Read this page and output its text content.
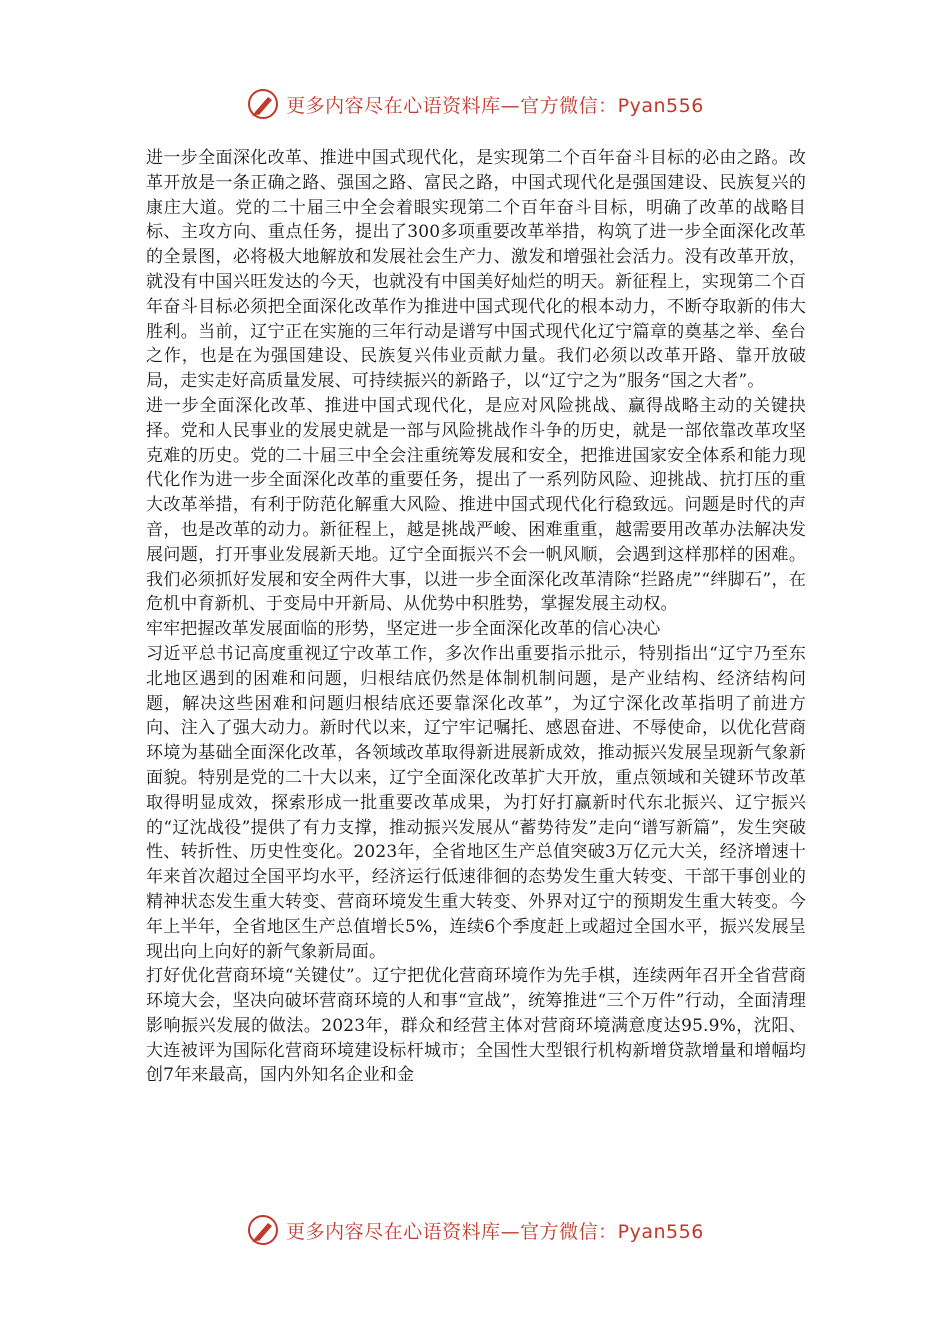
更多内容尽在心语资料库—官方微信：Pyan556

进一步全面深化改革、推进中国式现代化，是实现第二个百年奋斗目标的必由之路。改革开放是一条正确之路、强国之路、富民之路，中国式现代化是强国建设、民族复兴的康庄大道。党的二十届三中全会着眼实现第二个百年奋斗目标，明确了改革的战略目标、主攻方向、重点任务，提出了300多项重要改革举措，构筑了进一步全面深化改革的全景图，必将极大地解放和发展社会生产力、激发和增强社会活力。没有改革开放，就没有中国兴旺发达的今天，也就没有中国美好灿烂的明天。新征程上，实现第二个百年奋斗目标必须把全面深化改革作为推进中国式现代化的根本动力，不断夺取新的伟大胜利。当前，辽宁正在实施的三年行动是谱写中国式现代化辽宁篇章的奠基之举、垒台之作，也是在为强国建设、民族复兴伟业贡献力量。我们必须以改革开路、靠开放破局，走实走好高质量发展、可持续振兴的新路子，以“辽宁之为”服务“国之大者”。

进一步全面深化改革、推进中国式现代化，是应对风险挑战、赢得战略主动的关键抉择。党和人民事业的发展史就是一部与风险挑战作斗争的历史，就是一部依靠改革攻坚克难的历史。党的二十届三中全会注重统筹发展和安全，把推进国家安全体系和能力现代化作为进一步全面深化改革的重要任务，提出了一系列防风险、迎挑战、抗打压的重大改革举措，有利于防范化解重大风险、推进中国式现代化行稳致远。问题是时代的声音，也是改革的动力。新征程上，越是挑战严峻、困难重重，越需要用改革办法解决发展问题，打开事业发展新天地。辽宁全面振兴不会一帆风顺，会遇到这样那样的困难。我们必须抓好发展和安全两件大事，以进一步全面深化改革清除“拦路虎”“绊脚石”，在危机中育新机、于变局中开新局、从优势中积胜势，掌握发展主动权。

牢牢把握改革发展面临的形势，坚定进一步全面深化改革的信心决心

习近平总书记高度重视辽宁改革工作，多次作出重要指示批示，特别指出“辽宁乃至东北地区遇到的困难和问题，归根结底仍然是体制机制问题，是产业结构、经济结构问题，解决这些困难和问题归根结底还要靠深化改革”，为辽宁深化改革指明了前进方向、注入了强大动力。新时代以来，辽宁牢记嘱托、感恩奋进、不辱使命，以优化营商环境为基础全面深化改革，各领域改革取得新进展新成效，推动振兴发展呈现新气象新面貌。特别是党的二十大以来，辽宁全面深化改革扩大开放，重点领域和关键环节改革取得明显成效，探索形成一批重要改革成果，为打好打赢新时代东北振兴、辽宁振兴的“辽沈战役”提供了有力支撑，推动振兴发展从“蓄势待发”走向“谱写新篇”，发生突破性、转折性、历史性变化。2023年，全省地区生产总值突破3万亿元大关，经济增速十年来首次超过全国平均水平，经济运行低速徘徊的态势发生重大转变、干部干事创业的精神状态发生重大转变、营商环境发生重大转变、外界对辽宁的预期发生重大转变。今年上半年，全省地区生产总值增长5%，连续6个季度赶上或超过全国水平，振兴发展呈现出向上向好的新气象新局面。

打好优化营商环境“关键仗”。辽宁把优化营商环境作为先手棋，连续两年召开全省营商环境大会，坚决向破坏营商环境的人和事“宣战”，统筹推进“三个万件”行动，全面清理影响振兴发展的做法。2023年，群众和经营主体对营商环境满意度达95.9%，沈阳、大连被评为国际化营商环境建设标杆城市；全国性大型银行机构新增贷款增量和增幅均创7年来最高，国内外知名企业和金

更多内容尽在心语资料库—官方微信：Pyan556
